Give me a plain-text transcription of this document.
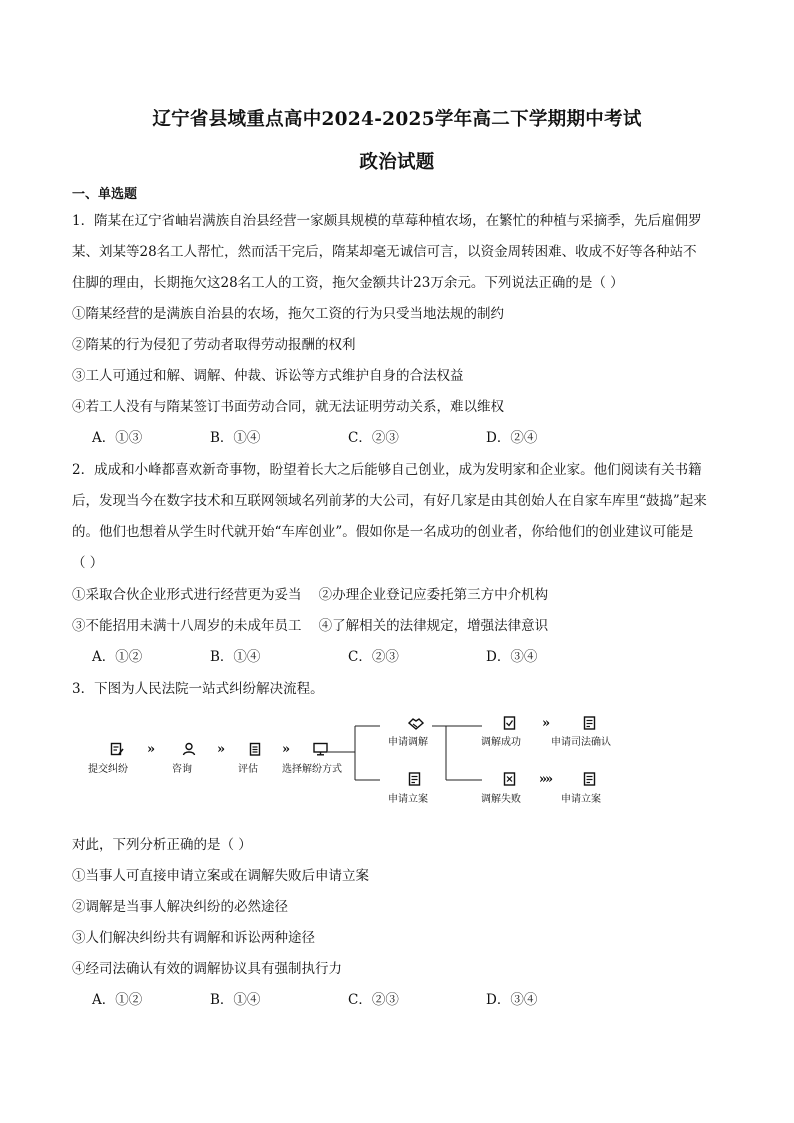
辽宁省县域重点高中2024-2025学年高二下学期期中考试
政治试题
一、单选题
1．隋某在辽宁省岫岩满族自治县经营一家颇具规模的草莓种植农场，在繁忙的种植与采摘季，先后雇佣罗
某、刘某等28名工人帮忙，然而活干完后，隋某却毫无诚信可言，以资金周转困难、收成不好等各种站不
住脚的理由，长期拖欠这28名工人的工资，拖欠金额共计23万余元。下列说法正确的是（ ）
①隋某经营的是满族自治县的农场，拖欠工资的行为只受当地法规的制约
②隋某的行为侵犯了劳动者取得劳动报酬的权利
③工人可通过和解、调解、仲裁、诉讼等方式维护自身的合法权益
④若工人没有与隋某签订书面劳动合同，就无法证明劳动关系，难以维权
A．①③	B．①④	C．②③	D．②④
2．成成和小峰都喜欢新奇事物，盼望着长大之后能够自己创业，成为发明家和企业家。他们阅读有关书籍
后，发现当今在数字技术和互联网领域名列前茅的大公司，有好几家是由其创始人在自家车库里“鼓捣”起来
的。他们也想着从学生时代就开始“车库创业”。假如你是一名成功的创业者，你给他们的创业建议可能是
（ ）
①采取合伙企业形式进行经营更为妥当    ②办理企业登记应委托第三方中介机构
③不能招用未满十八周岁的未成年员工    ④了解相关的法律规定，增强法律意识
A．①②	B．①④	C．②③	D．③④
3．下图为人民法院一站式纠纷解决流程。
提交纠纷
»
咨询
»
评估
»
选择解纷方式
申请调解	调解成功
»
申请司法确认
申请立案	调解失败
»»
申请立案
对此，下列分析正确的是（ ）
①当事人可直接申请立案或在调解失败后申请立案
②调解是当事人解决纠纷的必然途径
③人们解决纠纷共有调解和诉讼两种途径
④经司法确认有效的调解协议具有强制执行力
A．①②	B．①④	C．②③	D．③④
